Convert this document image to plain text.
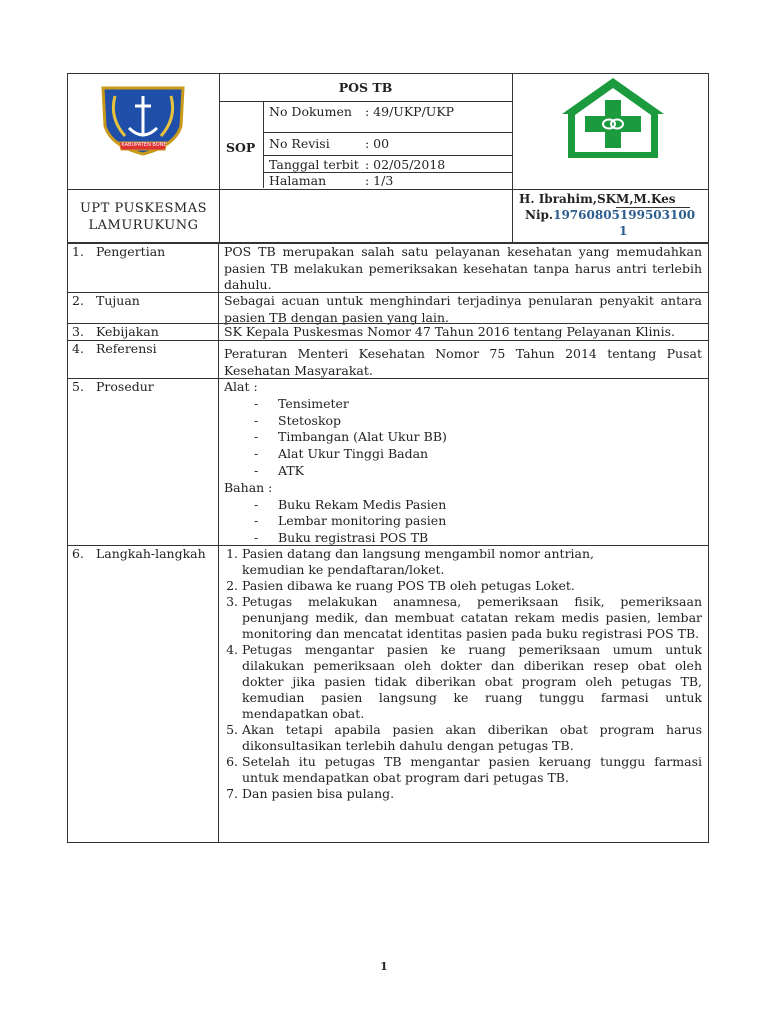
KABUPATEN BONE
POS TB
SOP
No Dokumen : 49/UKP/UKP
No Revisi	: 00
Tanggal terbit : 02/05/2018
Halaman	: 1/3
UPT PUSKESMAS
LAMURUKUNG
H. Ibrahim,SKM,M.Kes
Nip.19760805199503100
1
1. Pengertian	POS TB merupakan salah satu pelayanan kesehatan yang memudahkan pasien TB melakukan pemeriksakan kesehatan tanpa harus antri terlebih dahulu.
2. Tujuan	Sebagai acuan untuk menghindari terjadinya penularan penyakit antara pasien TB dengan pasien yang lain.
3. Kebijakan	SK Kepala Puskesmas Nomor 47 Tahun 2016 tentang Pelayanan Klinis.
4. Referensi	Peraturan Menteri Kesehatan Nomor 75 Tahun 2014 tentang Pusat Kesehatan Masyarakat.
5. Prosedur	Alat :
- Tensimeter
- Stetoskop
- Timbangan (Alat Ukur BB)
- Alat Ukur Tinggi Badan
- ATK
Bahan :
- Buku Rekam Medis Pasien
- Lembar monitoring pasien
- Buku registrasi POS TB
6. Langkah-langkah
1.	Pasien datang dan langsung mengambil nomor antrian, kemudian ke pendaftaran/loket.
2. Pasien dibawa ke ruang POS TB oleh petugas Loket.
3. Petugas melakukan anamnesa, pemeriksaan fisik, pemeriksaan penunjang medik, dan membuat catatan rekam medis pasien, lembar monitoring dan mencatat identitas pasien pada buku registrasi POS TB.
4. Petugas mengantar pasien ke ruang pemeriksaan umum untuk dilakukan pemeriksaan oleh dokter dan diberikan resep obat oleh dokter jika pasien tidak diberikan obat program oleh petugas TB, kemudian pasien langsung ke ruang tunggu farmasi untuk mendapatkan obat.
5. Akan tetapi apabila pasien akan diberikan obat program harus dikonsultasikan terlebih dahulu dengan petugas TB.
6. Setelah itu petugas TB mengantar pasien keruang tunggu farmasi untuk mendapatkan obat program dari petugas TB.
7. Dan pasien bisa pulang.
1
